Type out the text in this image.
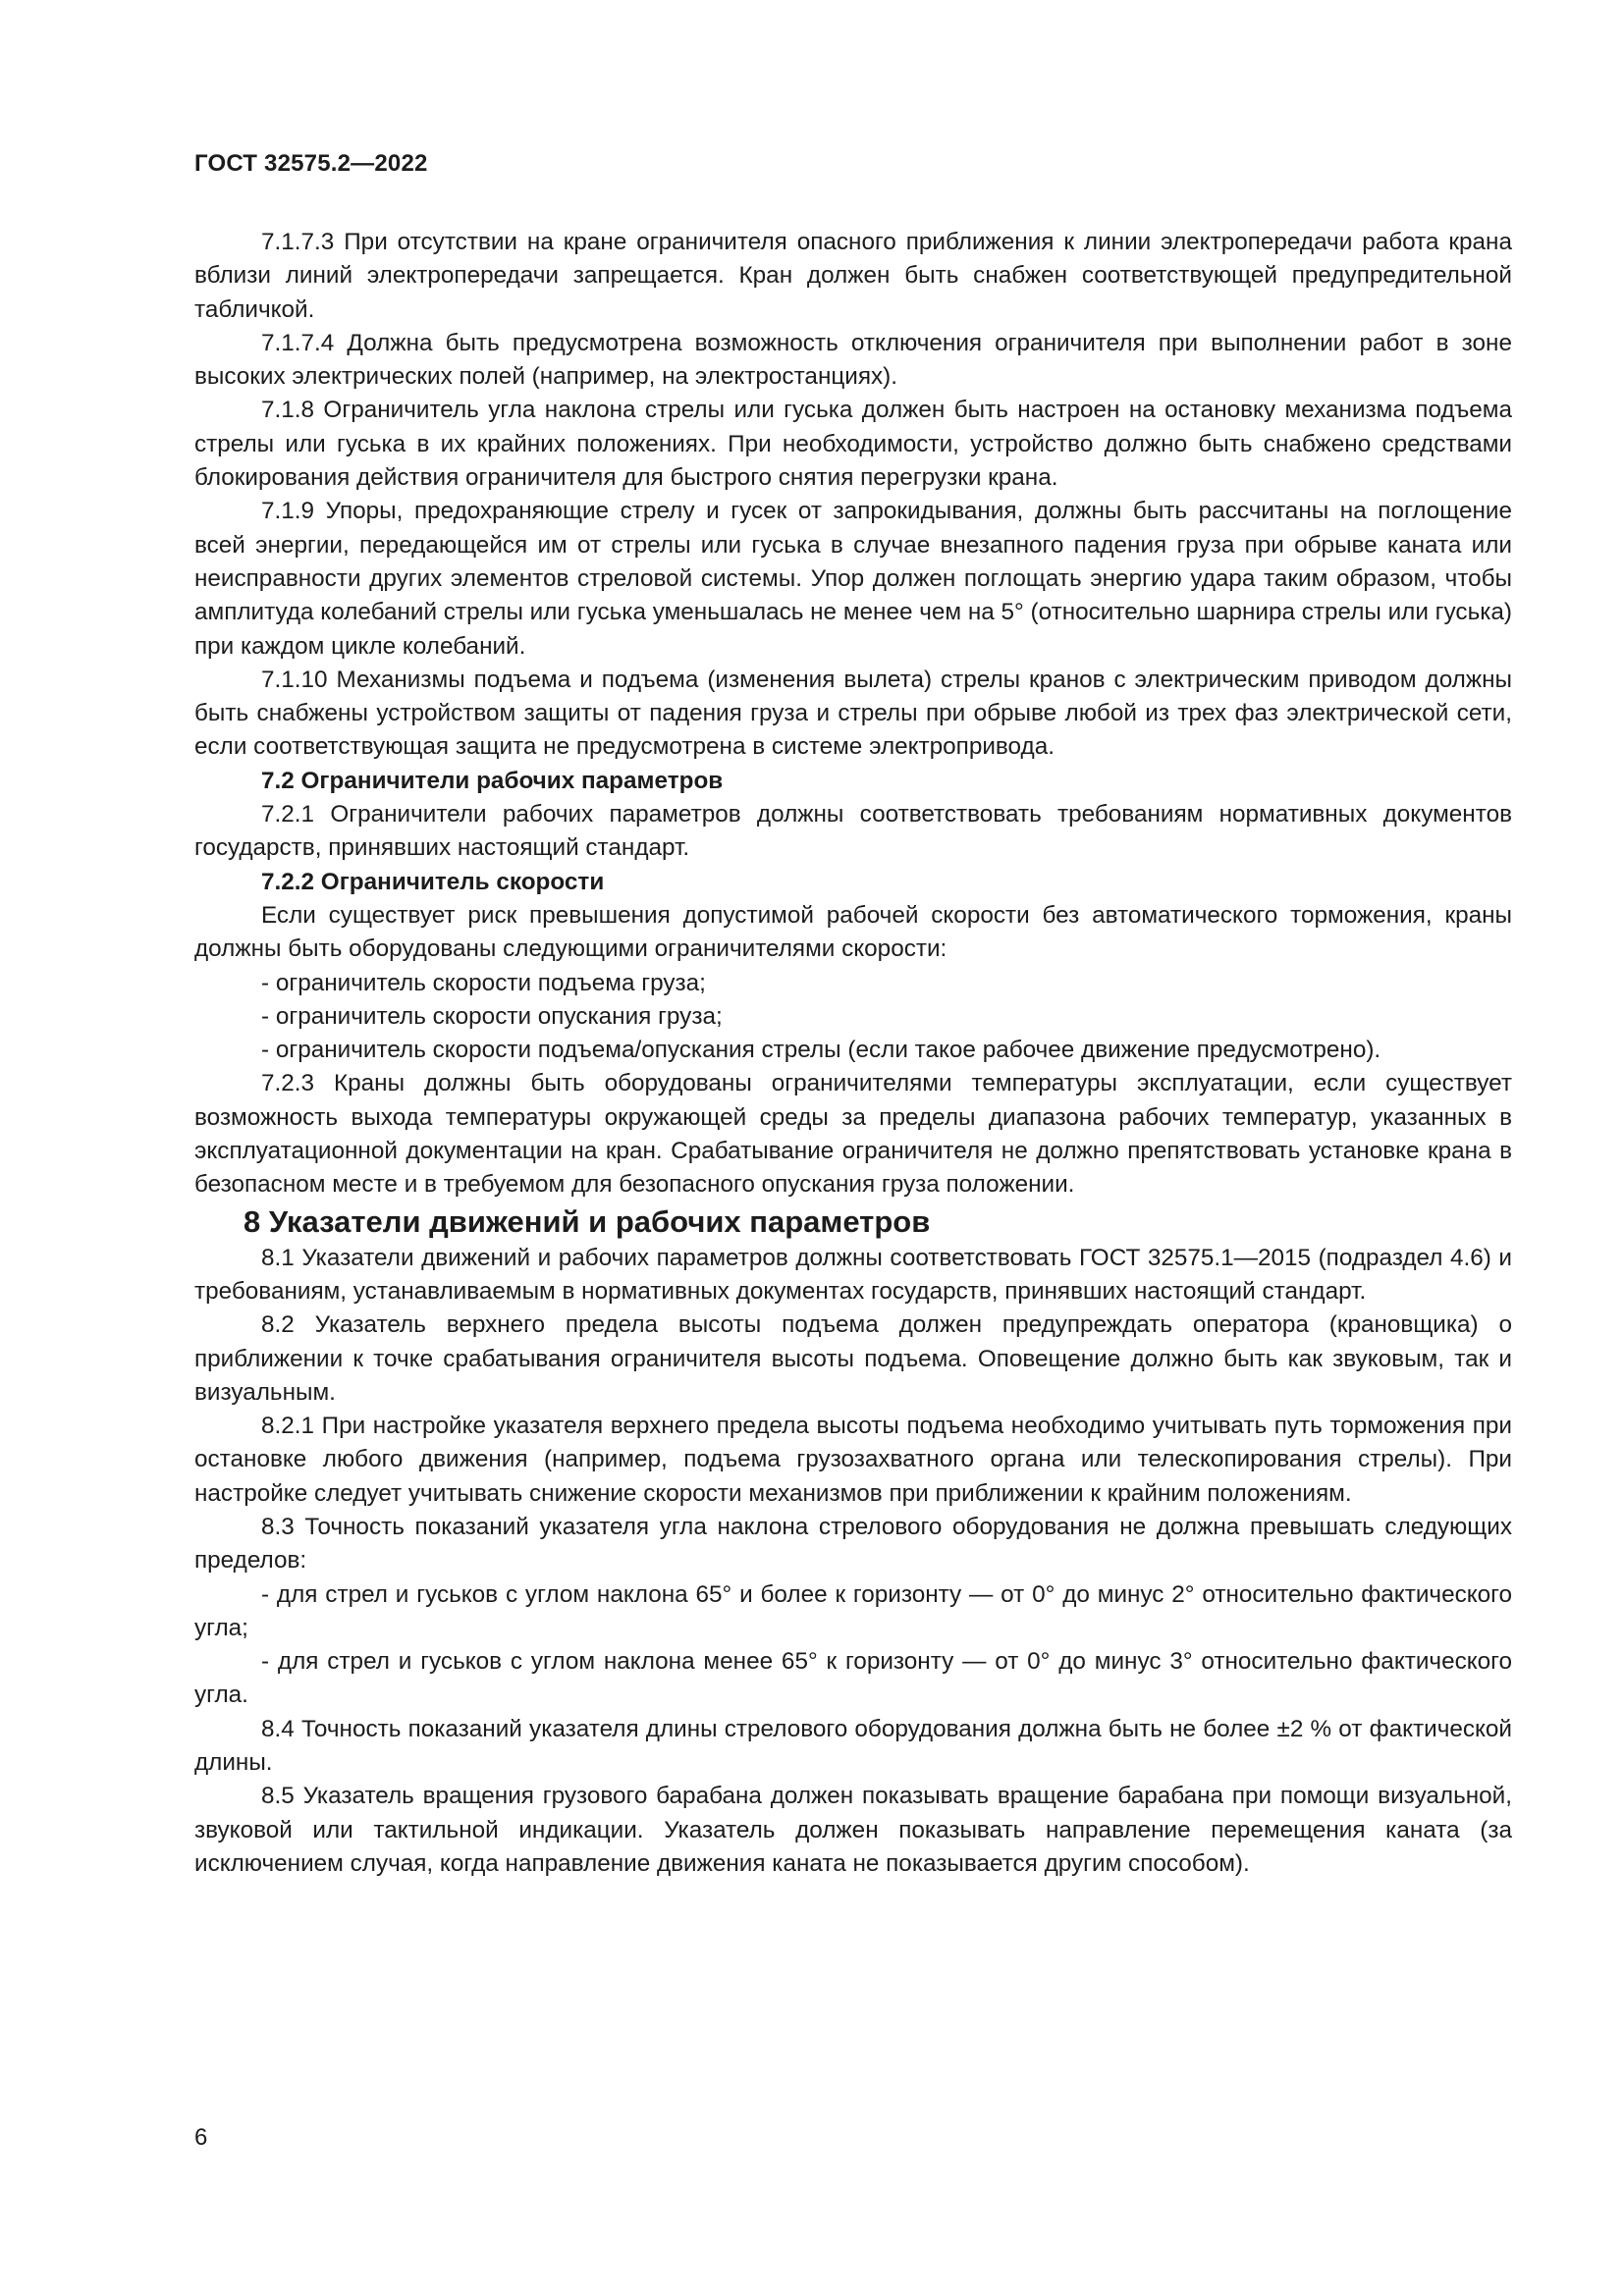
ГОСТ 32575.2—2022

7.1.7.3 При отсутствии на кране ограничителя опасного приближения к линии электропередачи работа крана вблизи линий электропередачи запрещается. Кран должен быть снабжен соответствующей предупредительной табличкой.

7.1.7.4 Должна быть предусмотрена возможность отключения ограничителя при выполнении работ в зоне высоких электрических полей (например, на электростанциях).

7.1.8 Ограничитель угла наклона стрелы или гуська должен быть настроен на остановку механизма подъема стрелы или гуська в их крайних положениях. При необходимости, устройство должно быть снабжено средствами блокирования действия ограничителя для быстрого снятия перегрузки крана.

7.1.9 Упоры, предохраняющие стрелу и гусек от запрокидывания, должны быть рассчитаны на поглощение всей энергии, передающейся им от стрелы или гуська в случае внезапного падения груза при обрыве каната или неисправности других элементов стреловой системы. Упор должен поглощать энергию удара таким образом, чтобы амплитуда колебаний стрелы или гуська уменьшалась не менее чем на 5° (относительно шарнира стрелы или гуська) при каждом цикле колебаний.

7.1.10 Механизмы подъема и подъема (изменения вылета) стрелы кранов с электрическим приводом должны быть снабжены устройством защиты от падения груза и стрелы при обрыве любой из трех фаз электрической сети, если соответствующая защита не предусмотрена в системе электропривода.

7.2 Ограничители рабочих параметров

7.2.1 Ограничители рабочих параметров должны соответствовать требованиям нормативных документов государств, принявших настоящий стандарт.

7.2.2 Ограничитель скорости

Если существует риск превышения допустимой рабочей скорости без автоматического торможения, краны должны быть оборудованы следующими ограничителями скорости:

- ограничитель скорости подъема груза;

- ограничитель скорости опускания груза;

- ограничитель скорости подъема/опускания стрелы (если такое рабочее движение предусмотрено).

7.2.3 Краны должны быть оборудованы ограничителями температуры эксплуатации, если существует возможность выхода температуры окружающей среды за пределы диапазона рабочих температур, указанных в эксплуатационной документации на кран. Срабатывание ограничителя не должно препятствовать установке крана в безопасном месте и в требуемом для безопасного опускания груза положении.

8 Указатели движений и рабочих параметров

8.1 Указатели движений и рабочих параметров должны соответствовать ГОСТ 32575.1—2015 (подраздел 4.6) и требованиям, устанавливаемым в нормативных документах государств, принявших настоящий стандарт.

8.2 Указатель верхнего предела высоты подъема должен предупреждать оператора (крановщика) о приближении к точке срабатывания ограничителя высоты подъема. Оповещение должно быть как звуковым, так и визуальным.

8.2.1 При настройке указателя верхнего предела высоты подъема необходимо учитывать путь торможения при остановке любого движения (например, подъема грузозахватного органа или телескопирования стрелы). При настройке следует учитывать снижение скорости механизмов при приближении к крайним положениям.

8.3 Точность показаний указателя угла наклона стрелового оборудования не должна превышать следующих пределов:

- для стрел и гуськов с углом наклона 65° и более к горизонту — от 0° до минус 2° относительно фактического угла;

- для стрел и гуськов с углом наклона менее 65° к горизонту — от 0° до минус 3° относительно фактического угла.

8.4 Точность показаний указателя длины стрелового оборудования должна быть не более ±2 % от фактической длины.

8.5 Указатель вращения грузового барабана должен показывать вращение барабана при помощи визуальной, звуковой или тактильной индикации. Указатель должен показывать направление перемещения каната (за исключением случая, когда направление движения каната не показывается другим способом).

6
